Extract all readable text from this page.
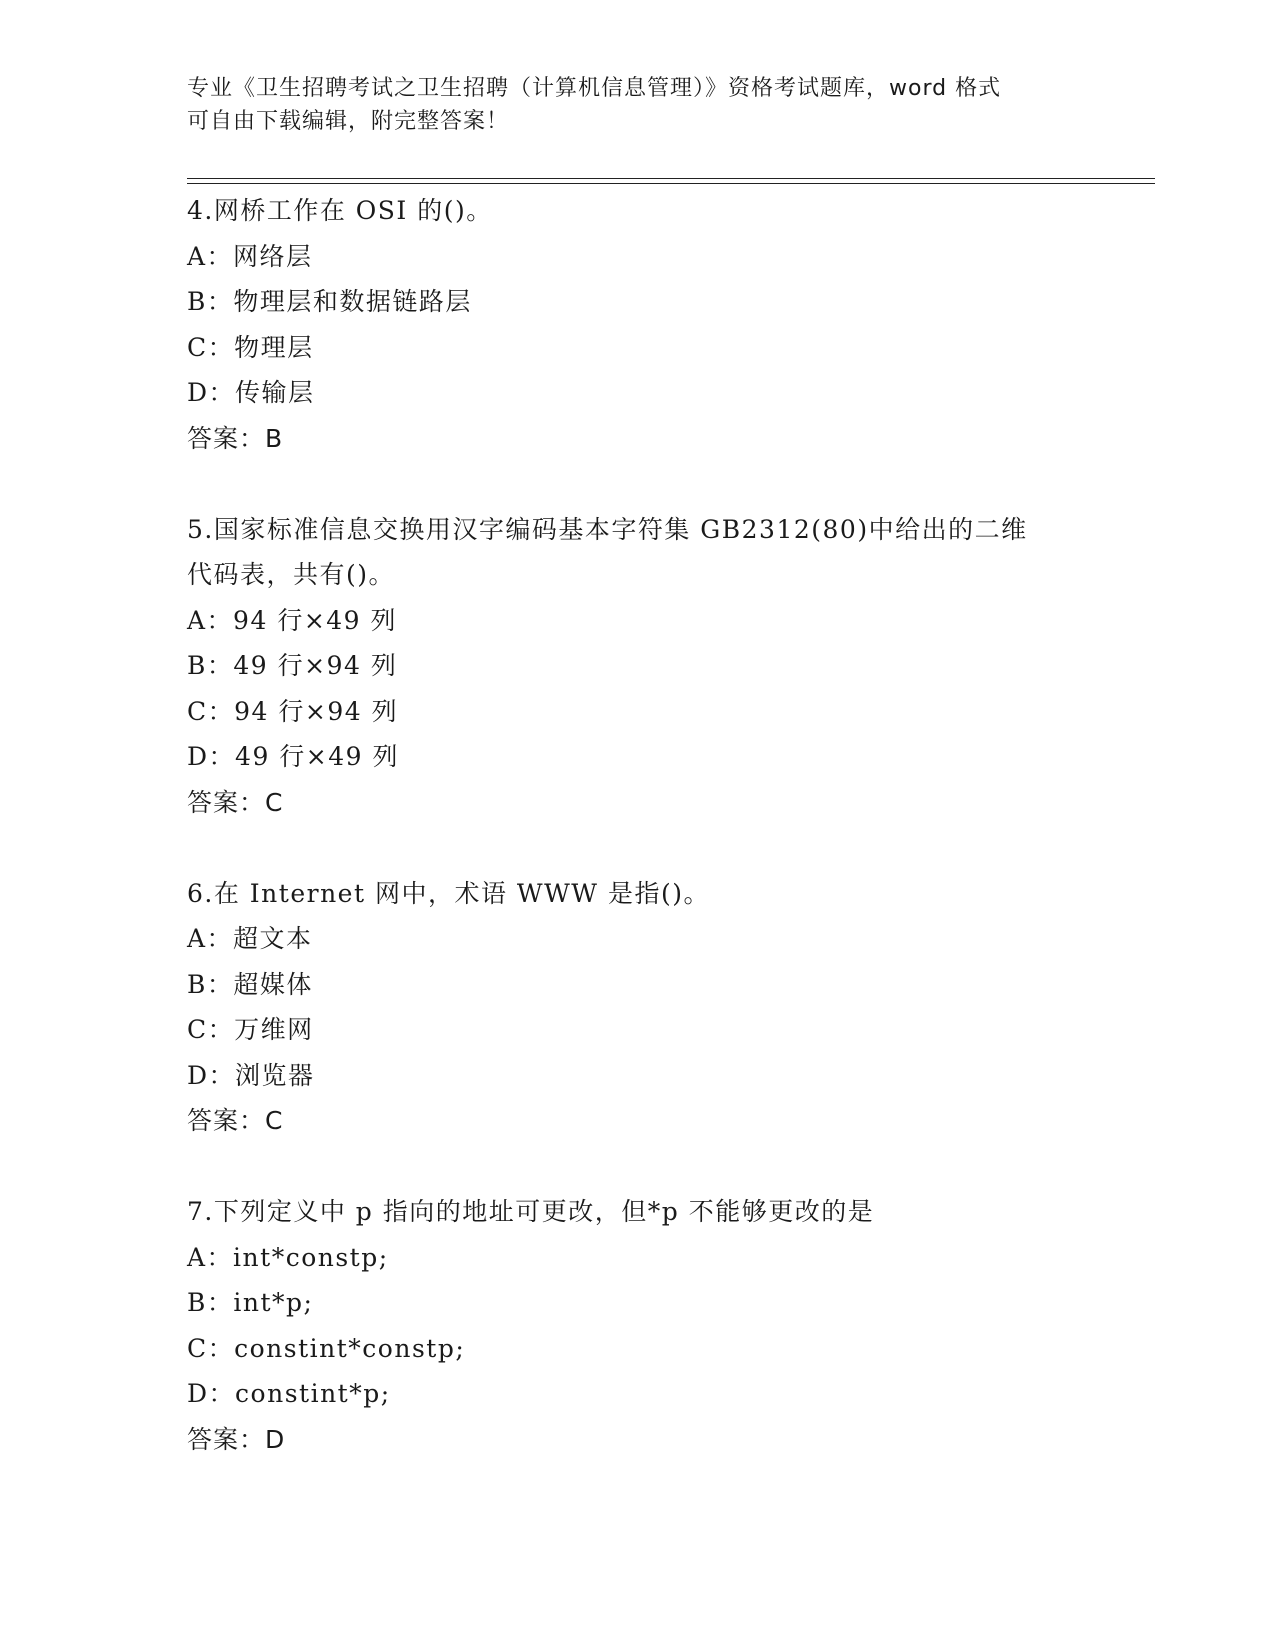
专业《卫生招聘考试之卫生招聘（计算机信息管理）》资格考试题库，word 格式
可自由下载编辑，附完整答案！
4.网桥工作在 OSI 的()。
A：网络层
B：物理层和数据链路层
C：物理层
D：传输层
答案：B
5.国家标准信息交换用汉字编码基本字符集 GB2312(80)中给出的二维
代码表，共有()。
A：94 行×49 列
B：49 行×94 列
C：94 行×94 列
D：49 行×49 列
答案：C
6.在 Internet 网中，术语 WWW 是指()。
A：超文本
B：超媒体
C：万维网
D：浏览器
答案：C
7.下列定义中 p 指向的地址可更改，但*p 不能够更改的是
A：int*constp;
B：int*p;
C：constint*constp;
D：constint*p;
答案：D
